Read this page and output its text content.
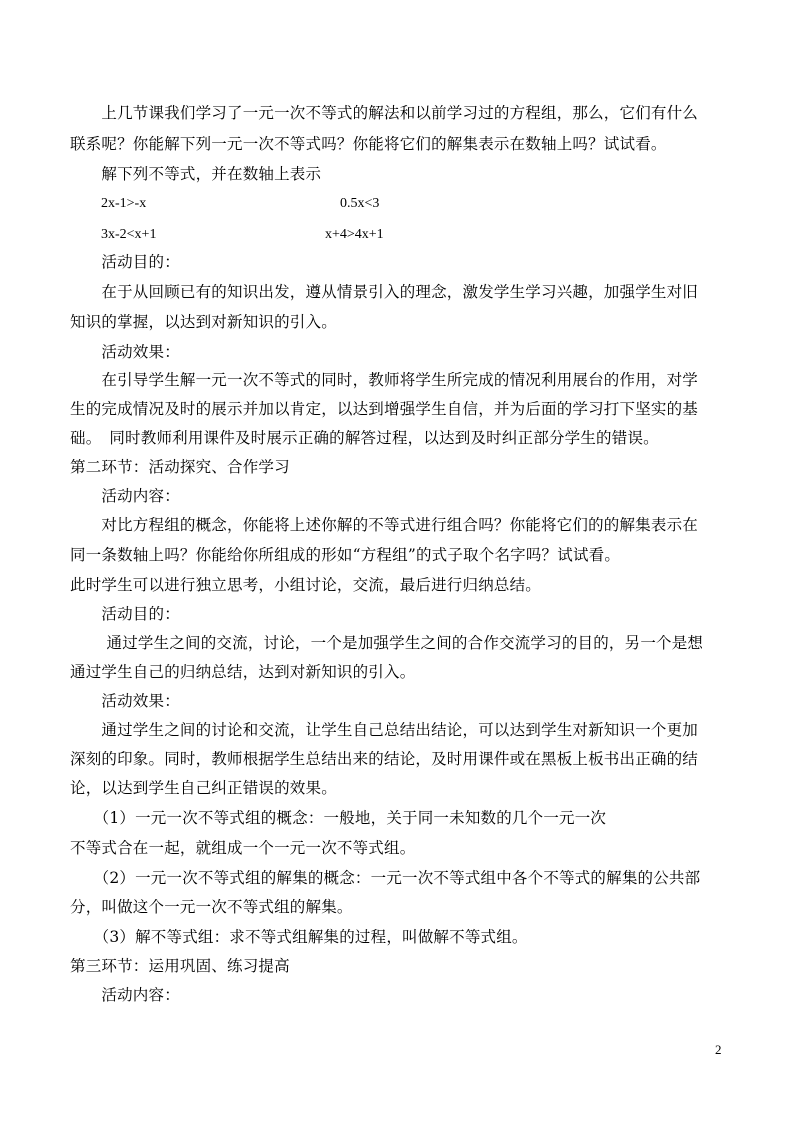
　　上几节课我们学习了一元一次不等式的解法和以前学习过的方程组，那么，它们有什么
联系呢？你能解下列一元一次不等式吗？你能将它们的解集表示在数轴上吗？试试看。
　　解下列不等式，并在数轴上表示
2x-1>-x	0.5x<3
3x-2<x+1	x+4>4x+1
　　活动目的：
　　在于从回顾已有的知识出发，遵从情景引入的理念，激发学生学习兴趣，加强学生对旧
知识的掌握，以达到对新知识的引入。
　　活动效果：
　　在引导学生解一元一次不等式的同时，教师将学生所完成的情况利用展台的作用，对学
生的完成情况及时的展示并加以肯定，以达到增强学生自信，并为后面的学习打下坚实的基
础。　同时教师利用课件及时展示正确的解答过程，以达到及时纠正部分学生的错误。
第二环节：活动探究、合作学习
　　活动内容：
　　对比方程组的概念，你能将上述你解的不等式进行组合吗？你能将它们的的解集表示在
同一条数轴上吗？你能给你所组成的形如“方程组”的式子取个名字吗？试试看。
此时学生可以进行独立思考，小组讨论，交流，最后进行归纳总结。
　　活动目的：
　　 通过学生之间的交流，讨论，一个是加强学生之间的合作交流学习的目的，另一个是想
通过学生自己的归纳总结，达到对新知识的引入。
　　活动效果：
　　通过学生之间的讨论和交流，让学生自己总结出结论，可以达到学生对新知识一个更加
深刻的印象。同时，教师根据学生总结出来的结论，及时用课件或在黑板上板书出正确的结
论，以达到学生自己纠正错误的效果。
　　（1）一元一次不等式组的概念：一般地，关于同一未知数的几个一元一次
不等式合在一起，就组成一个一元一次不等式组。
　　（2）一元一次不等式组的解集的概念：一元一次不等式组中各个不等式的解集的公共部
分，叫做这个一元一次不等式组的解集。
　　（3）解不等式组：求不等式组解集的过程，叫做解不等式组。
第三环节：运用巩固、练习提高
　　活动内容：
2
